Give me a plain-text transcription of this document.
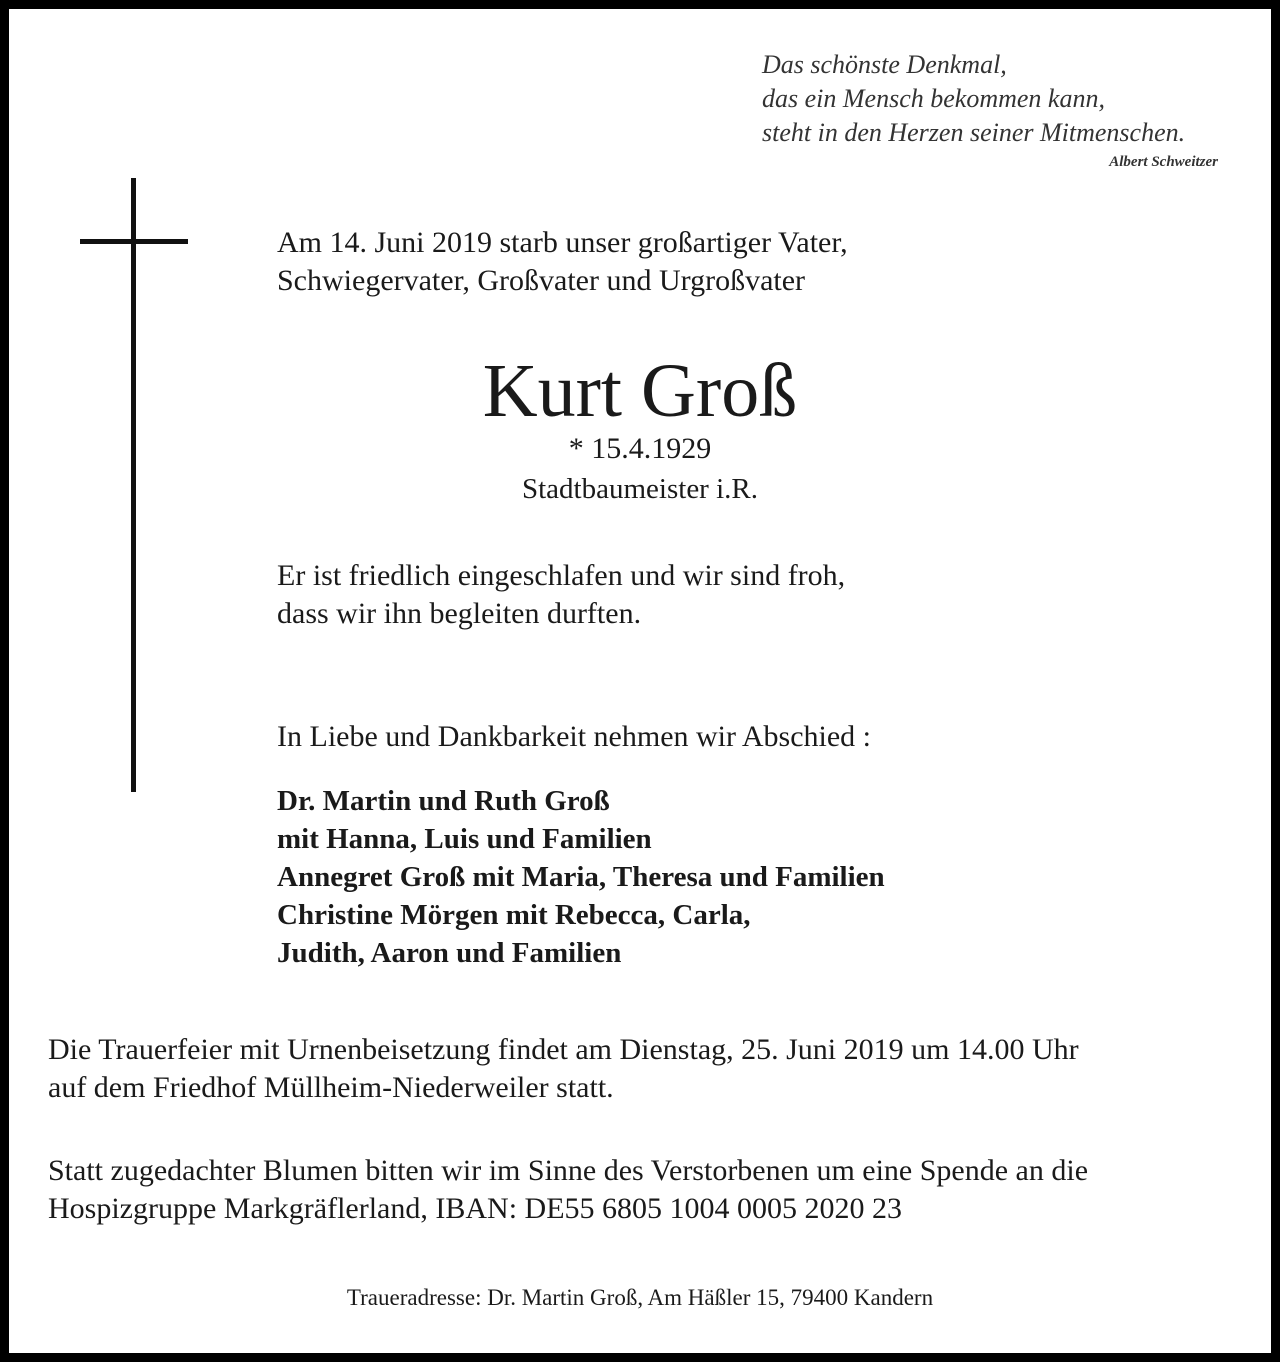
Das schönste Denkmal,
das ein Mensch bekommen kann,
steht in den Herzen seiner Mitmenschen.
Albert Schweitzer
Am 14. Juni 2019 starb unser großartiger Vater,
Schwiegervater, Großvater und Urgroßvater
Kurt Groß
* 15.4.1929
Stadtbaumeister i.R.
Er ist friedlich eingeschlafen und wir sind froh,
dass wir ihn begleiten durften.
In Liebe und Dankbarkeit nehmen wir Abschied :
Dr. Martin und Ruth Groß
mit Hanna, Luis und Familien
Annegret Groß mit Maria, Theresa und Familien
Christine Mörgen mit Rebecca, Carla,
Judith, Aaron und Familien
Die Trauerfeier mit Urnenbeisetzung findet am Dienstag, 25. Juni 2019 um 14.00 Uhr
auf dem Friedhof Müllheim-Niederweiler statt.
Statt zugedachter Blumen bitten wir im Sinne des Verstorbenen um eine Spende an die
Hospizgruppe Markgräflerland, IBAN: DE55 6805 1004 0005 2020 23
Traueradresse: Dr. Martin Groß, Am Häßler 15, 79400 Kandern
